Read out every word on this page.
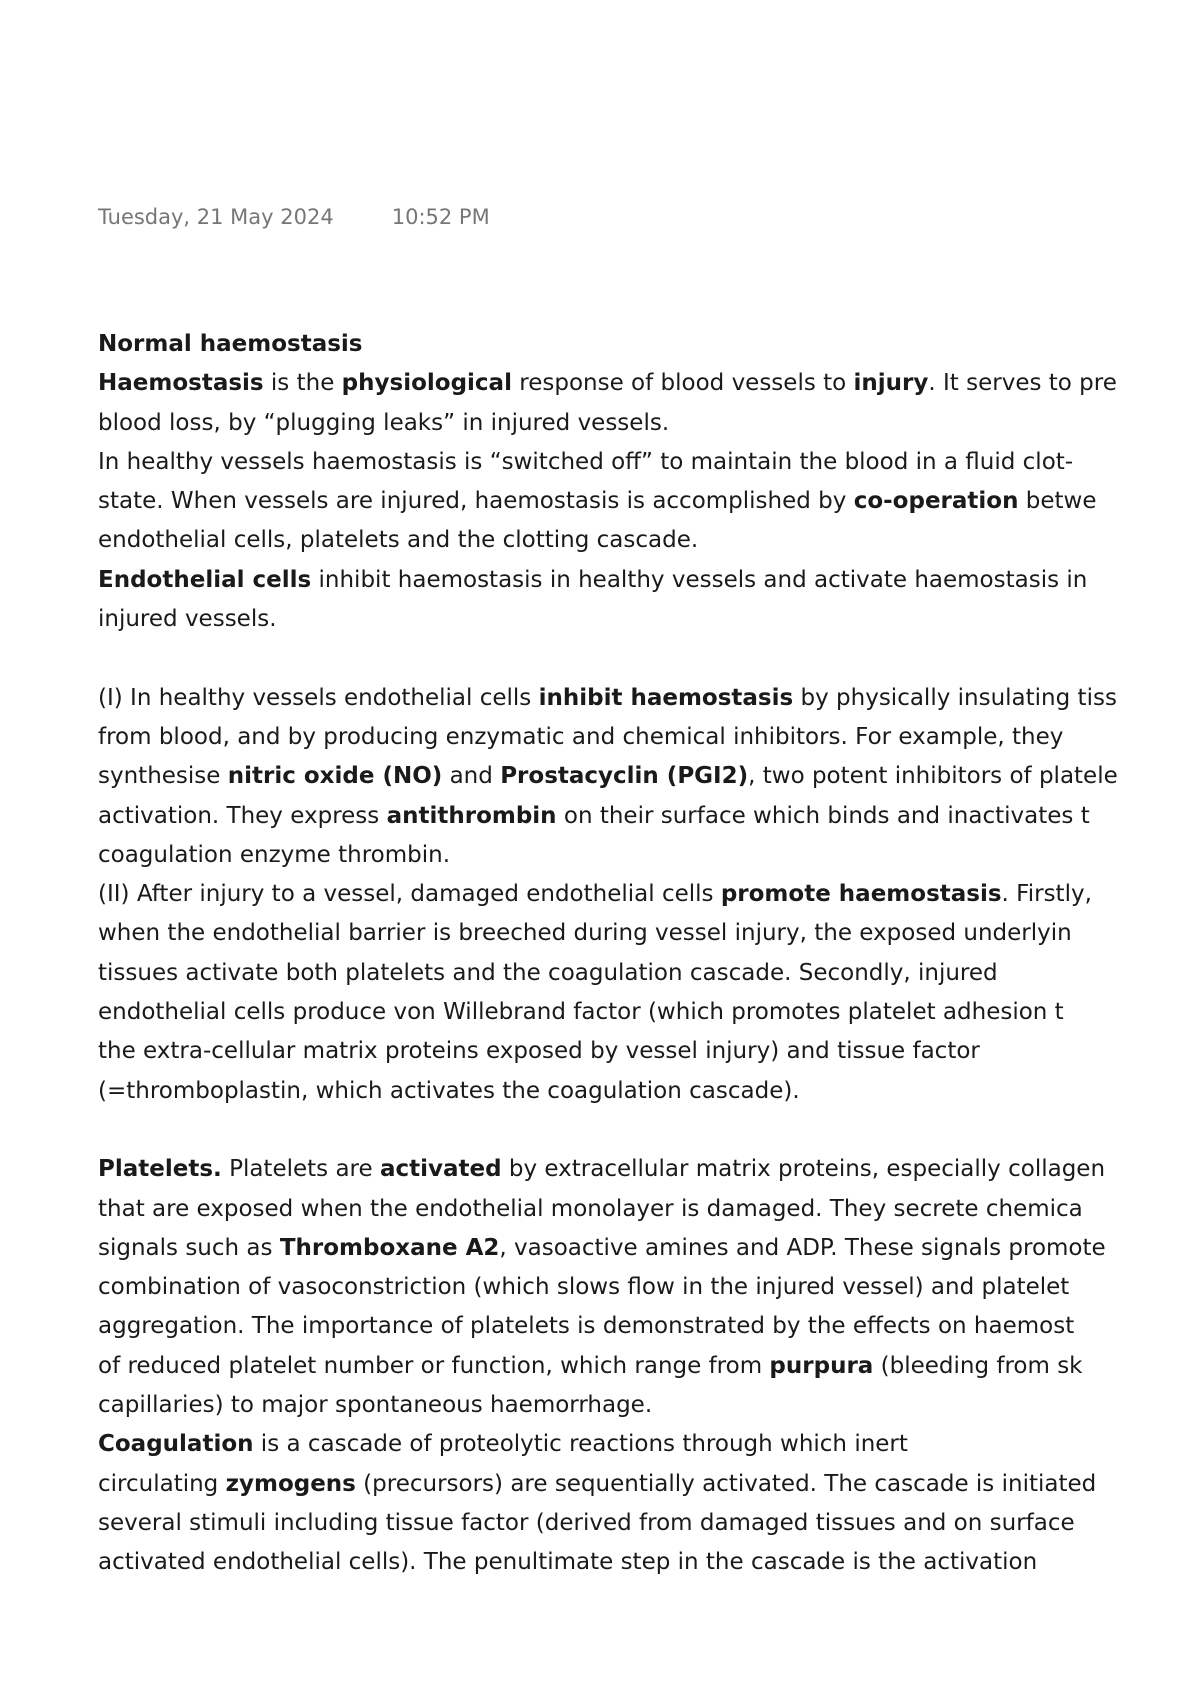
Tuesday, 21 May 2024	10:52 PM
Normal haemostasis
Haemostasis is the physiological response of blood vessels to injury. It serves to pre
blood loss, by “plugging leaks” in injured vessels.
In healthy vessels haemostasis is “switched off” to maintain the blood in a fluid clot-
state. When vessels are injured, haemostasis is accomplished by co-operation betwe
endothelial cells, platelets and the clotting cascade.
Endothelial cells inhibit haemostasis in healthy vessels and activate haemostasis in
injured vessels.
(I) In healthy vessels endothelial cells inhibit haemostasis by physically insulating tiss
from blood, and by producing enzymatic and chemical inhibitors. For example, they
synthesise nitric oxide (NO) and Prostacyclin (PGI2), two potent inhibitors of platele
activation. They express antithrombin on their surface which binds and inactivates t
coagulation enzyme thrombin.
(II) After injury to a vessel, damaged endothelial cells promote haemostasis. Firstly,
when the endothelial barrier is breeched during vessel injury, the exposed underlyin
tissues activate both platelets and the coagulation cascade. Secondly, injured
endothelial cells produce von Willebrand factor (which promotes platelet adhesion t
the extra-cellular matrix proteins exposed by vessel injury) and tissue factor
(=thromboplastin, which activates the coagulation cascade).
Platelets. Platelets are activated by extracellular matrix proteins, especially collagen
that are exposed when the endothelial monolayer is damaged. They secrete chemica
signals such as Thromboxane A2, vasoactive amines and ADP. These signals promote
combination of vasoconstriction (which slows flow in the injured vessel) and platelet
aggregation. The importance of platelets is demonstrated by the effects on haemost
of reduced platelet number or function, which range from purpura (bleeding from sk
capillaries) to major spontaneous haemorrhage.
Coagulation is a cascade of proteolytic reactions through which inert
circulating zymogens (precursors) are sequentially activated. The cascade is initiated
several stimuli including tissue factor (derived from damaged tissues and on surface
activated endothelial cells). The penultimate step in the cascade is the activation
